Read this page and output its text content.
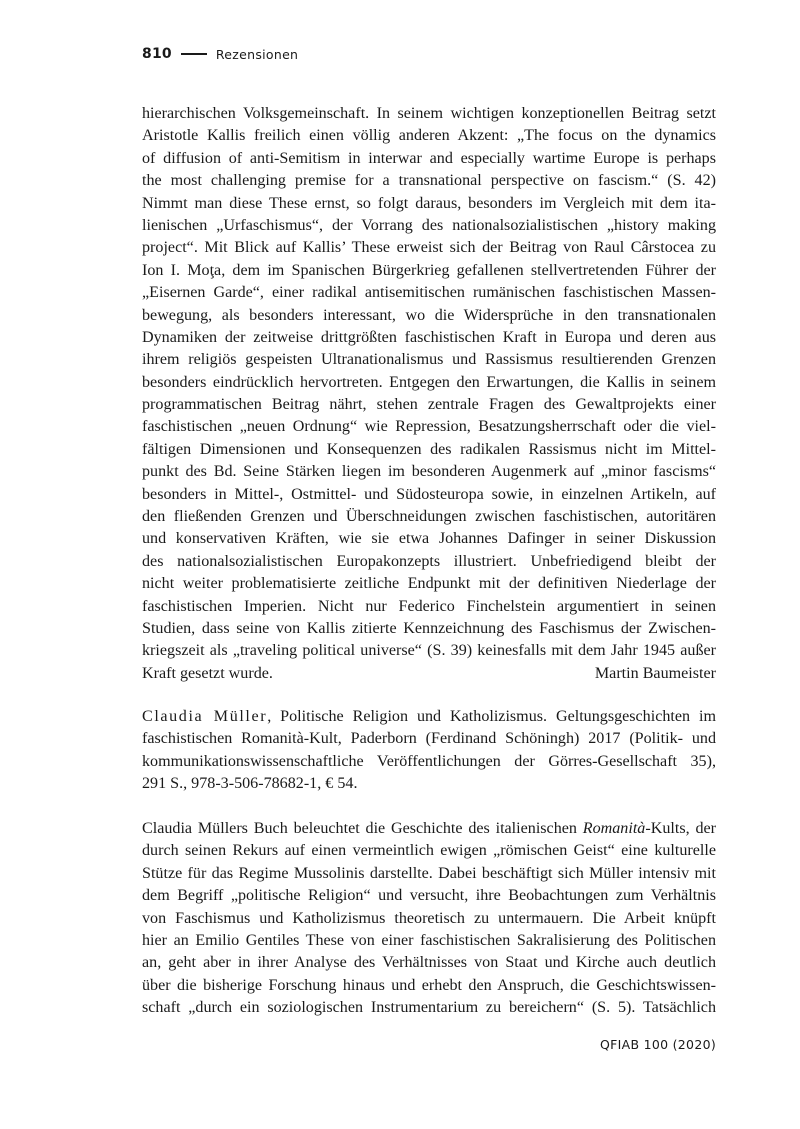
810	Rezensionen
hierarchischen Volksgemeinschaft. In seinem wichtigen konzeptionellen Beitrag setzt
Aristotle Kallis freilich einen völlig anderen Akzent: „The focus on the dynamics
of diffusion of anti-Semitism in interwar and especially wartime Europe is perhaps
the most challenging premise for a transnational perspective on fascism.“ (S. 42)
Nimmt man diese These ernst, so folgt daraus, besonders im Vergleich mit dem ita-
lienischen „Urfaschismus“, der Vorrang des nationalsozialistischen „history making
project“. Mit Blick auf Kallis’ These erweist sich der Beitrag von Raul Cârstocea zu
Ion I. Moţa, dem im Spanischen Bürgerkrieg gefallenen stellvertretenden Führer der
„Eisernen Garde“, einer radikal antisemitischen rumänischen faschistischen Massen-
bewegung, als besonders interessant, wo die Widersprüche in den transnationalen
Dynamiken der zeitweise drittgrößten faschistischen Kraft in Europa und deren aus
ihrem religiös gespeisten Ultranationalismus und Rassismus resultierenden Grenzen
besonders eindrücklich hervortreten. Entgegen den Erwartungen, die Kallis in seinem
programmatischen Beitrag nährt, stehen zentrale Fragen des Gewaltprojekts einer
faschistischen „neuen Ordnung“ wie Repression, Besatzungsherrschaft oder die viel-
fältigen Dimensionen und Konsequenzen des radikalen Rassismus nicht im Mittel-
punkt des Bd. Seine Stärken liegen im besonderen Augenmerk auf „minor fascisms“
besonders in Mittel-, Ostmittel- und Südosteuropa sowie, in einzelnen Artikeln, auf
den fließenden Grenzen und Überschneidungen zwischen faschistischen, autoritären
und konservativen Kräften, wie sie etwa Johannes Dafinger in seiner Diskussion
des nationalsozialistischen Europakonzepts illustriert. Unbefriedigend bleibt der
nicht weiter problematisierte zeitliche Endpunkt mit der definitiven Niederlage der
faschistischen Imperien. Nicht nur Federico Finchelstein argumentiert in seinen
Studien, dass seine von Kallis zitierte Kennzeichnung des Faschismus der Zwischen-
kriegszeit als „traveling political universe“ (S. 39) keinesfalls mit dem Jahr 1945 außer
Kraft gesetzt wurde.	Martin Baumeister
Claudia Müller, Politische Religion und Katholizismus. Geltungsgeschichten im
faschistischen Romanità-Kult, Paderborn (Ferdinand Schöningh) 2017 (Politik- und
kommunikationswissenschaftliche Veröffentlichungen der Görres-Gesellschaft 35),
291 S., 978-3-506-78682-1, € 54.
Claudia Müllers Buch beleuchtet die Geschichte des italienischen Romanità-Kults, der
durch seinen Rekurs auf einen vermeintlich ewigen „römischen Geist“ eine kulturelle
Stütze für das Regime Mussolinis darstellte. Dabei beschäftigt sich Müller intensiv mit
dem Begriff „politische Religion“ und versucht, ihre Beobachtungen zum Verhältnis
von Faschismus und Katholizismus theoretisch zu untermauern. Die Arbeit knüpft
hier an Emilio Gentiles These von einer faschistischen Sakralisierung des Politischen
an, geht aber in ihrer Analyse des Verhältnisses von Staat und Kirche auch deutlich
über die bisherige Forschung hinaus und erhebt den Anspruch, die Geschichtswissen-
schaft „durch ein soziologischen Instrumentarium zu bereichern“ (S. 5). Tatsächlich
QFIAB 100 (2020)
